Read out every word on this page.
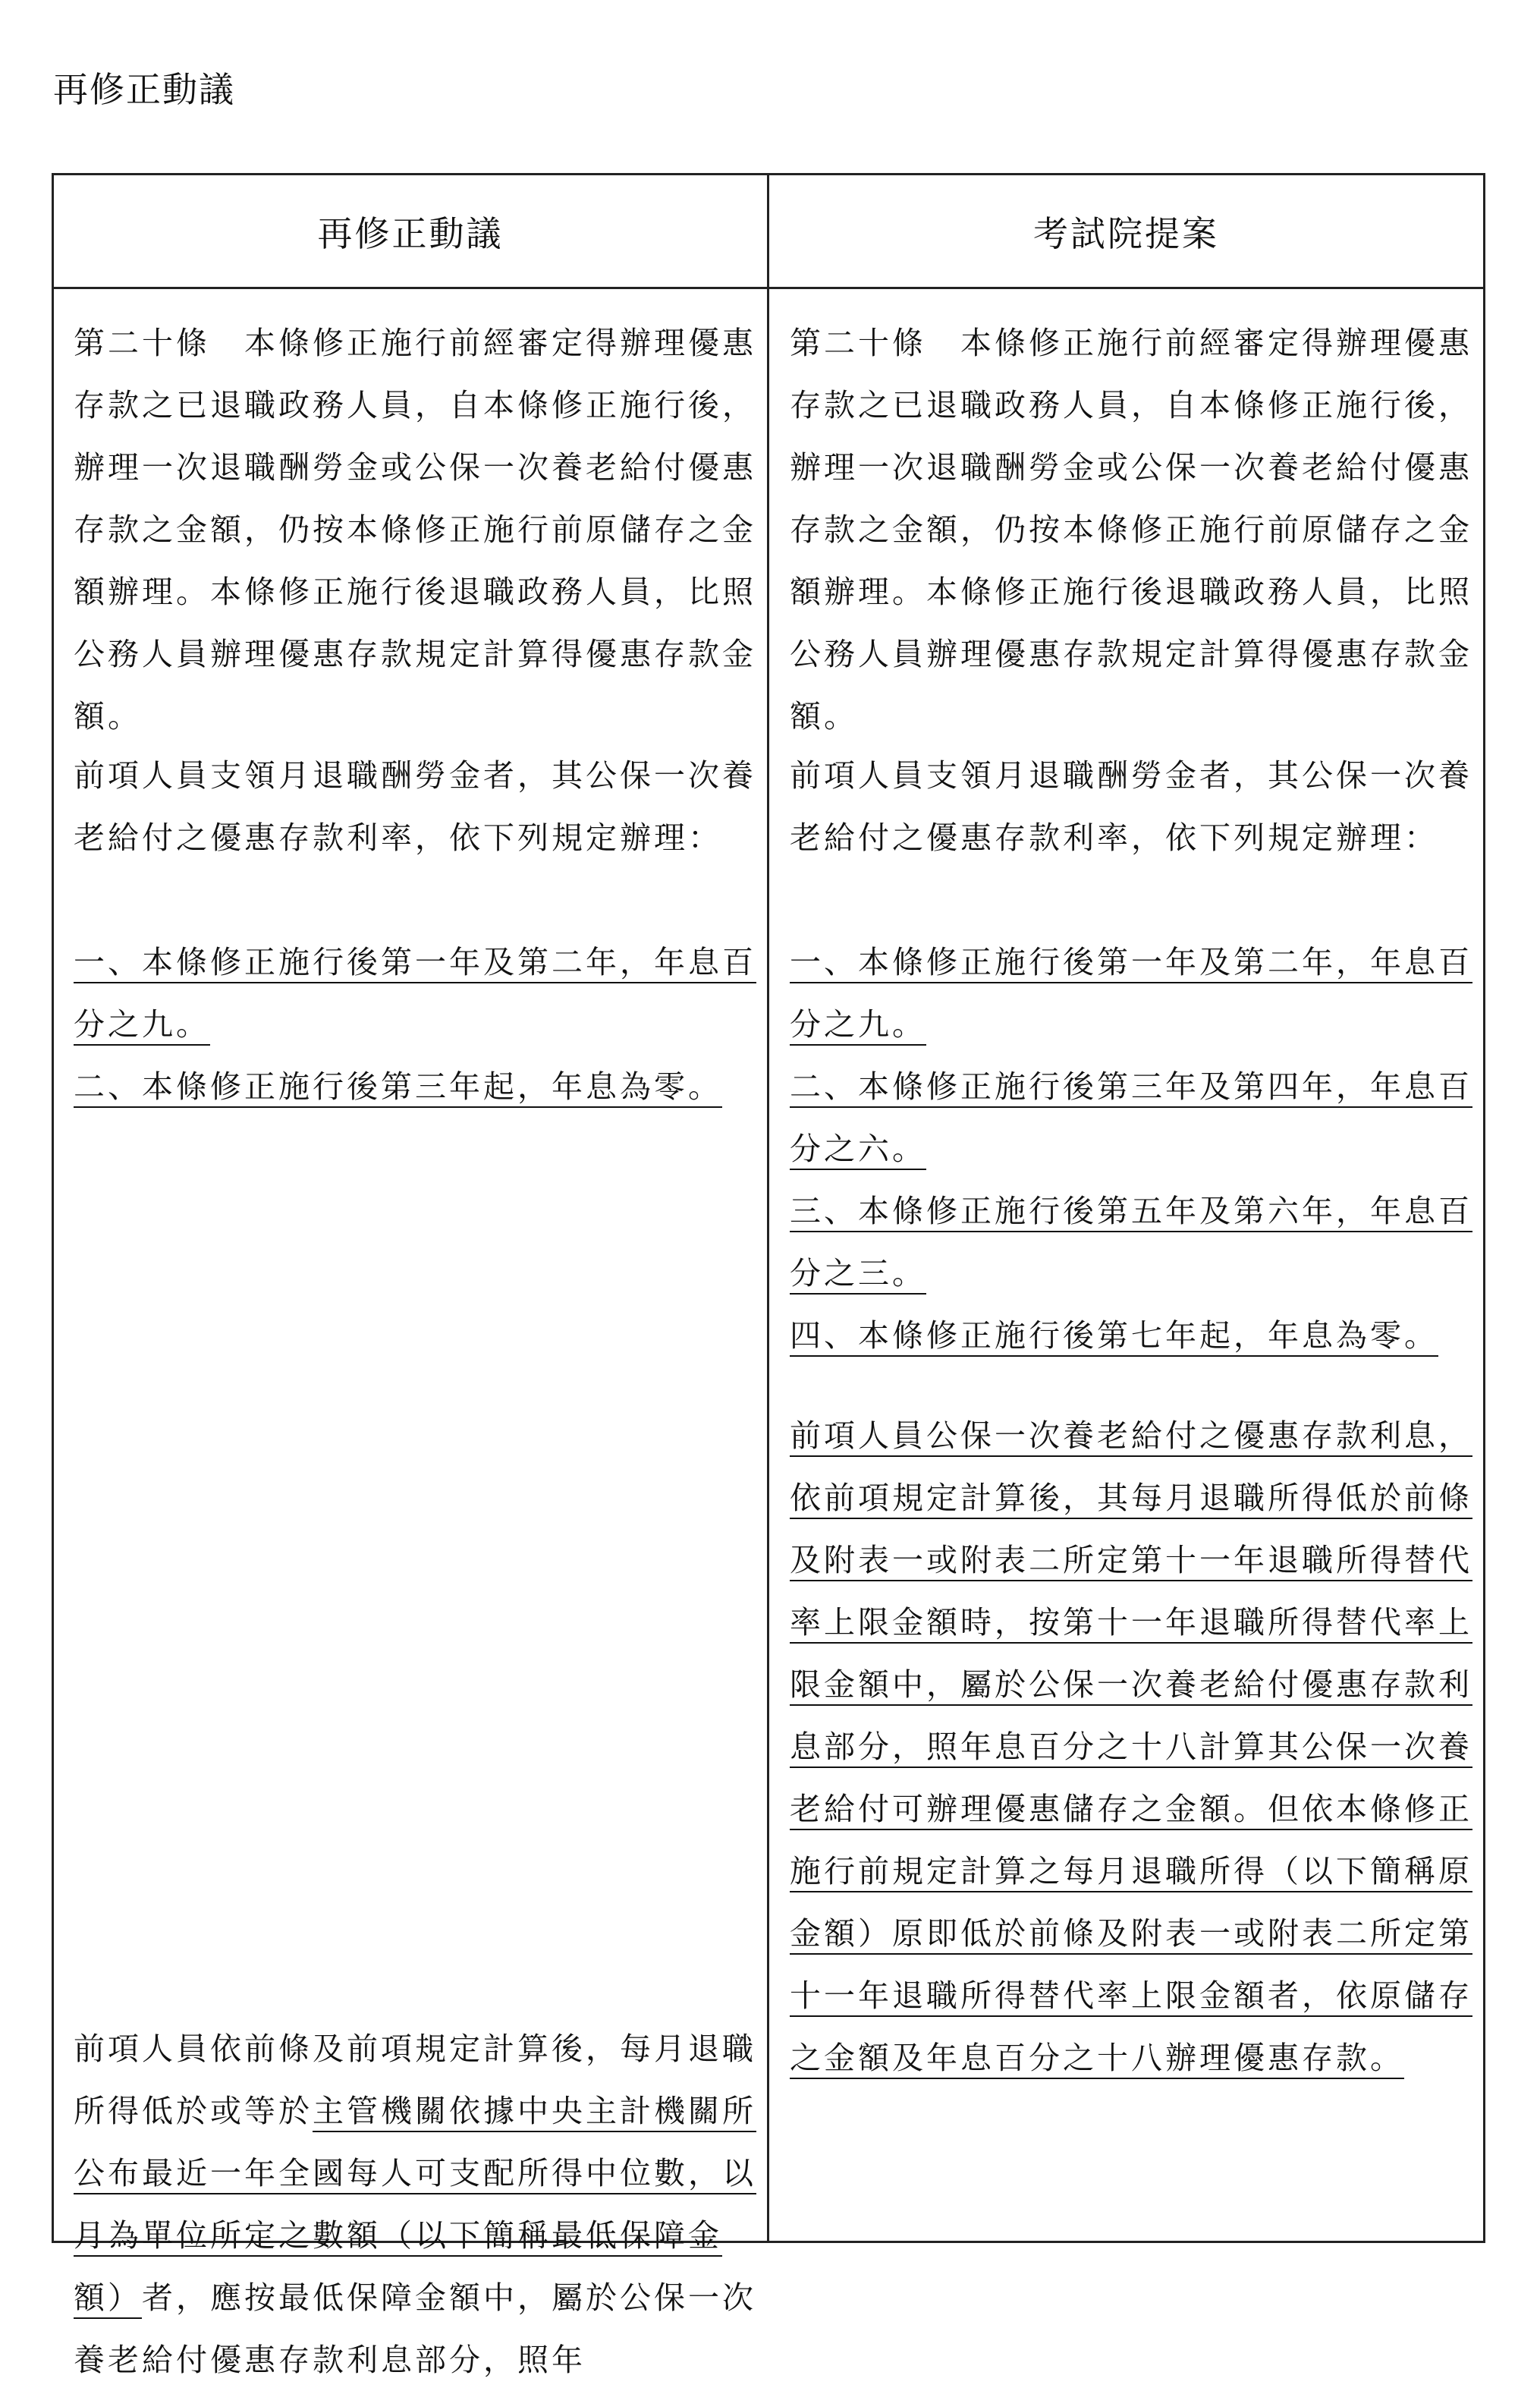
再修正動議
再修正動議	考試院提案

第二十條　本條修正施行前經審定得辦理優惠存款之已退職政務人員，自本條修正施行後，辦理一次退職酬勞金或公保一次養老給付優惠存款之金額，仍按本條修正施行前原儲存之金額辦理。本條修正施行後退職政務人員，比照公務人員辦理優惠存款規定計算得優惠存款金額。

前項人員支領月退職酬勞金者，其公保一次養老給付之優惠存款利率，依下列規定辦理：

一、本條修正施行後第一年及第二年，年息百分之九。

二、本條修正施行後第三年起，年息為零。

前項人員依前條及前項規定計算後，每月退職所得低於或等於主管機關依據中央主計機關所公布最近一年全國每人可支配所得中位數，以月為單位所定之數額（以下簡稱最低保障金額）者，應按最低保障金額中，屬於公保一次養老給付優惠存款利息部分，照年

第二十條　本條修正施行前經審定得辦理優惠存款之已退職政務人員，自本條修正施行後，辦理一次退職酬勞金或公保一次養老給付優惠存款之金額，仍按本條修正施行前原儲存之金額辦理。本條修正施行後退職政務人員，比照公務人員辦理優惠存款規定計算得優惠存款金額。

前項人員支領月退職酬勞金者，其公保一次養老給付之優惠存款利率，依下列規定辦理：

一、本條修正施行後第一年及第二年，年息百分之九。

二、本條修正施行後第三年及第四年，年息百分之六。

三、本條修正施行後第五年及第六年，年息百分之三。

四、本條修正施行後第七年起，年息為零。

前項人員公保一次養老給付之優惠存款利息，依前項規定計算後，其每月退職所得低於前條及附表一或附表二所定第十一年退職所得替代率上限金額時，按第十一年退職所得替代率上限金額中，屬於公保一次養老給付優惠存款利息部分，照年息百分之十八計算其公保一次養老給付可辦理優惠儲存之金額。但依本條修正施行前規定計算之每月退職所得（以下簡稱原金額）原即低於前條及附表一或附表二所定第十一年退職所得替代率上限金額者，依原儲存之金額及年息百分之十八辦理優惠存款。
